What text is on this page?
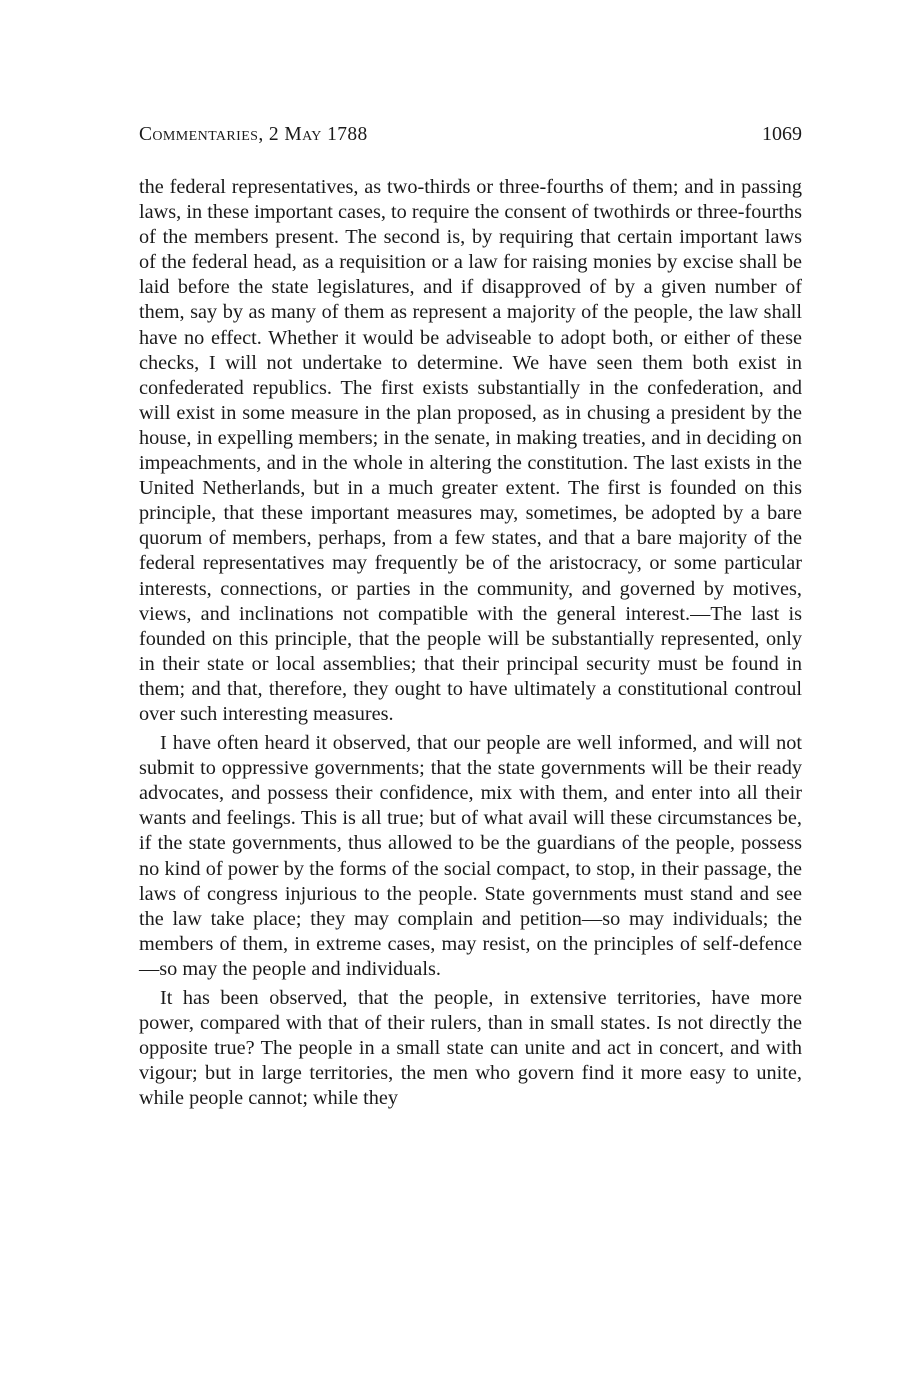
Commentaries, 2 May 1788	1069

the federal representatives, as two-thirds or three-fourths of them; and in passing laws, in these important cases, to require the consent of twothirds or three-fourths of the members present. The second is, by requiring that certain important laws of the federal head, as a requisition or a law for raising monies by excise shall be laid before the state legislatures, and if disapproved of by a given number of them, say by as many of them as represent a majority of the people, the law shall have no effect. Whether it would be adviseable to adopt both, or either of these checks, I will not undertake to determine. We have seen them both exist in confederated republics. The first exists substantially in the confederation, and will exist in some measure in the plan proposed, as in chusing a president by the house, in expelling members; in the senate, in making treaties, and in deciding on impeachments, and in the whole in altering the constitution. The last exists in the United Netherlands, but in a much greater extent. The first is founded on this principle, that these important measures may, sometimes, be adopted by a bare quorum of members, perhaps, from a few states, and that a bare majority of the federal representatives may frequently be of the aristocracy, or some particular interests, connections, or parties in the community, and governed by motives, views, and inclinations not compatible with the general interest.—The last is founded on this principle, that the people will be substantially represented, only in their state or local assemblies; that their principal security must be found in them; and that, therefore, they ought to have ultimately a constitutional controul over such interesting measures.

I have often heard it observed, that our people are well informed, and will not submit to oppressive governments; that the state governments will be their ready advocates, and possess their confidence, mix with them, and enter into all their wants and feelings. This is all true; but of what avail will these circumstances be, if the state governments, thus allowed to be the guardians of the people, possess no kind of power by the forms of the social compact, to stop, in their passage, the laws of congress injurious to the people. State governments must stand and see the law take place; they may complain and petition—so may individuals; the members of them, in extreme cases, may resist, on the principles of self-defence—so may the people and individuals.

It has been observed, that the people, in extensive territories, have more power, compared with that of their rulers, than in small states. Is not directly the opposite true? The people in a small state can unite and act in concert, and with vigour; but in large territories, the men who govern find it more easy to unite, while people cannot; while they
